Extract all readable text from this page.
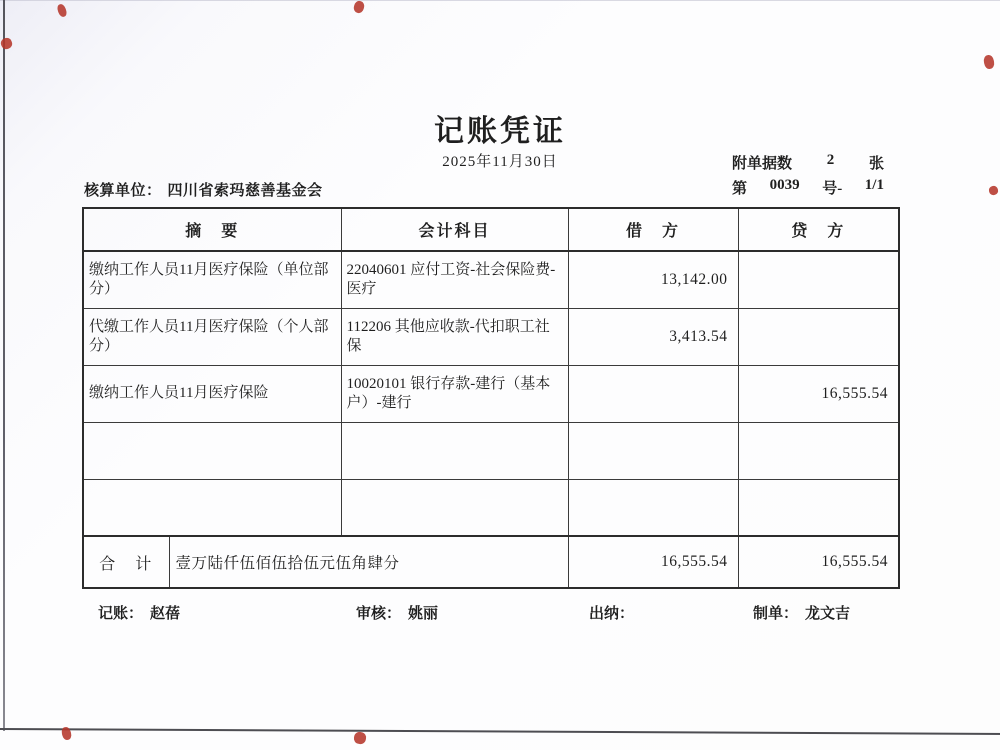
记账凭证
2025年11月30日	附单据数 2 张
第 0039 号- 1/1
核算单位： 四川省索玛慈善基金会
摘　要		会计科目	借　方	贷　方
缴纳工作人员11月医疗保险（单位部分）		22040601 应付工资-社会保险费-医疗	13,142.00	
代缴工作人员11月医疗保险（个人部分）		112206 其他应收款-代扣职工社保	3,413.54	
缴纳工作人员11月医疗保险		10020101 银行存款-建行（基本户）-建行		16,555.54

合　计	壹万陆仟伍佰伍拾伍元伍角肆分		16,555.54	16,555.54
记账： 赵蓓	审核： 姚丽	出纳：	制单： 龙文吉
